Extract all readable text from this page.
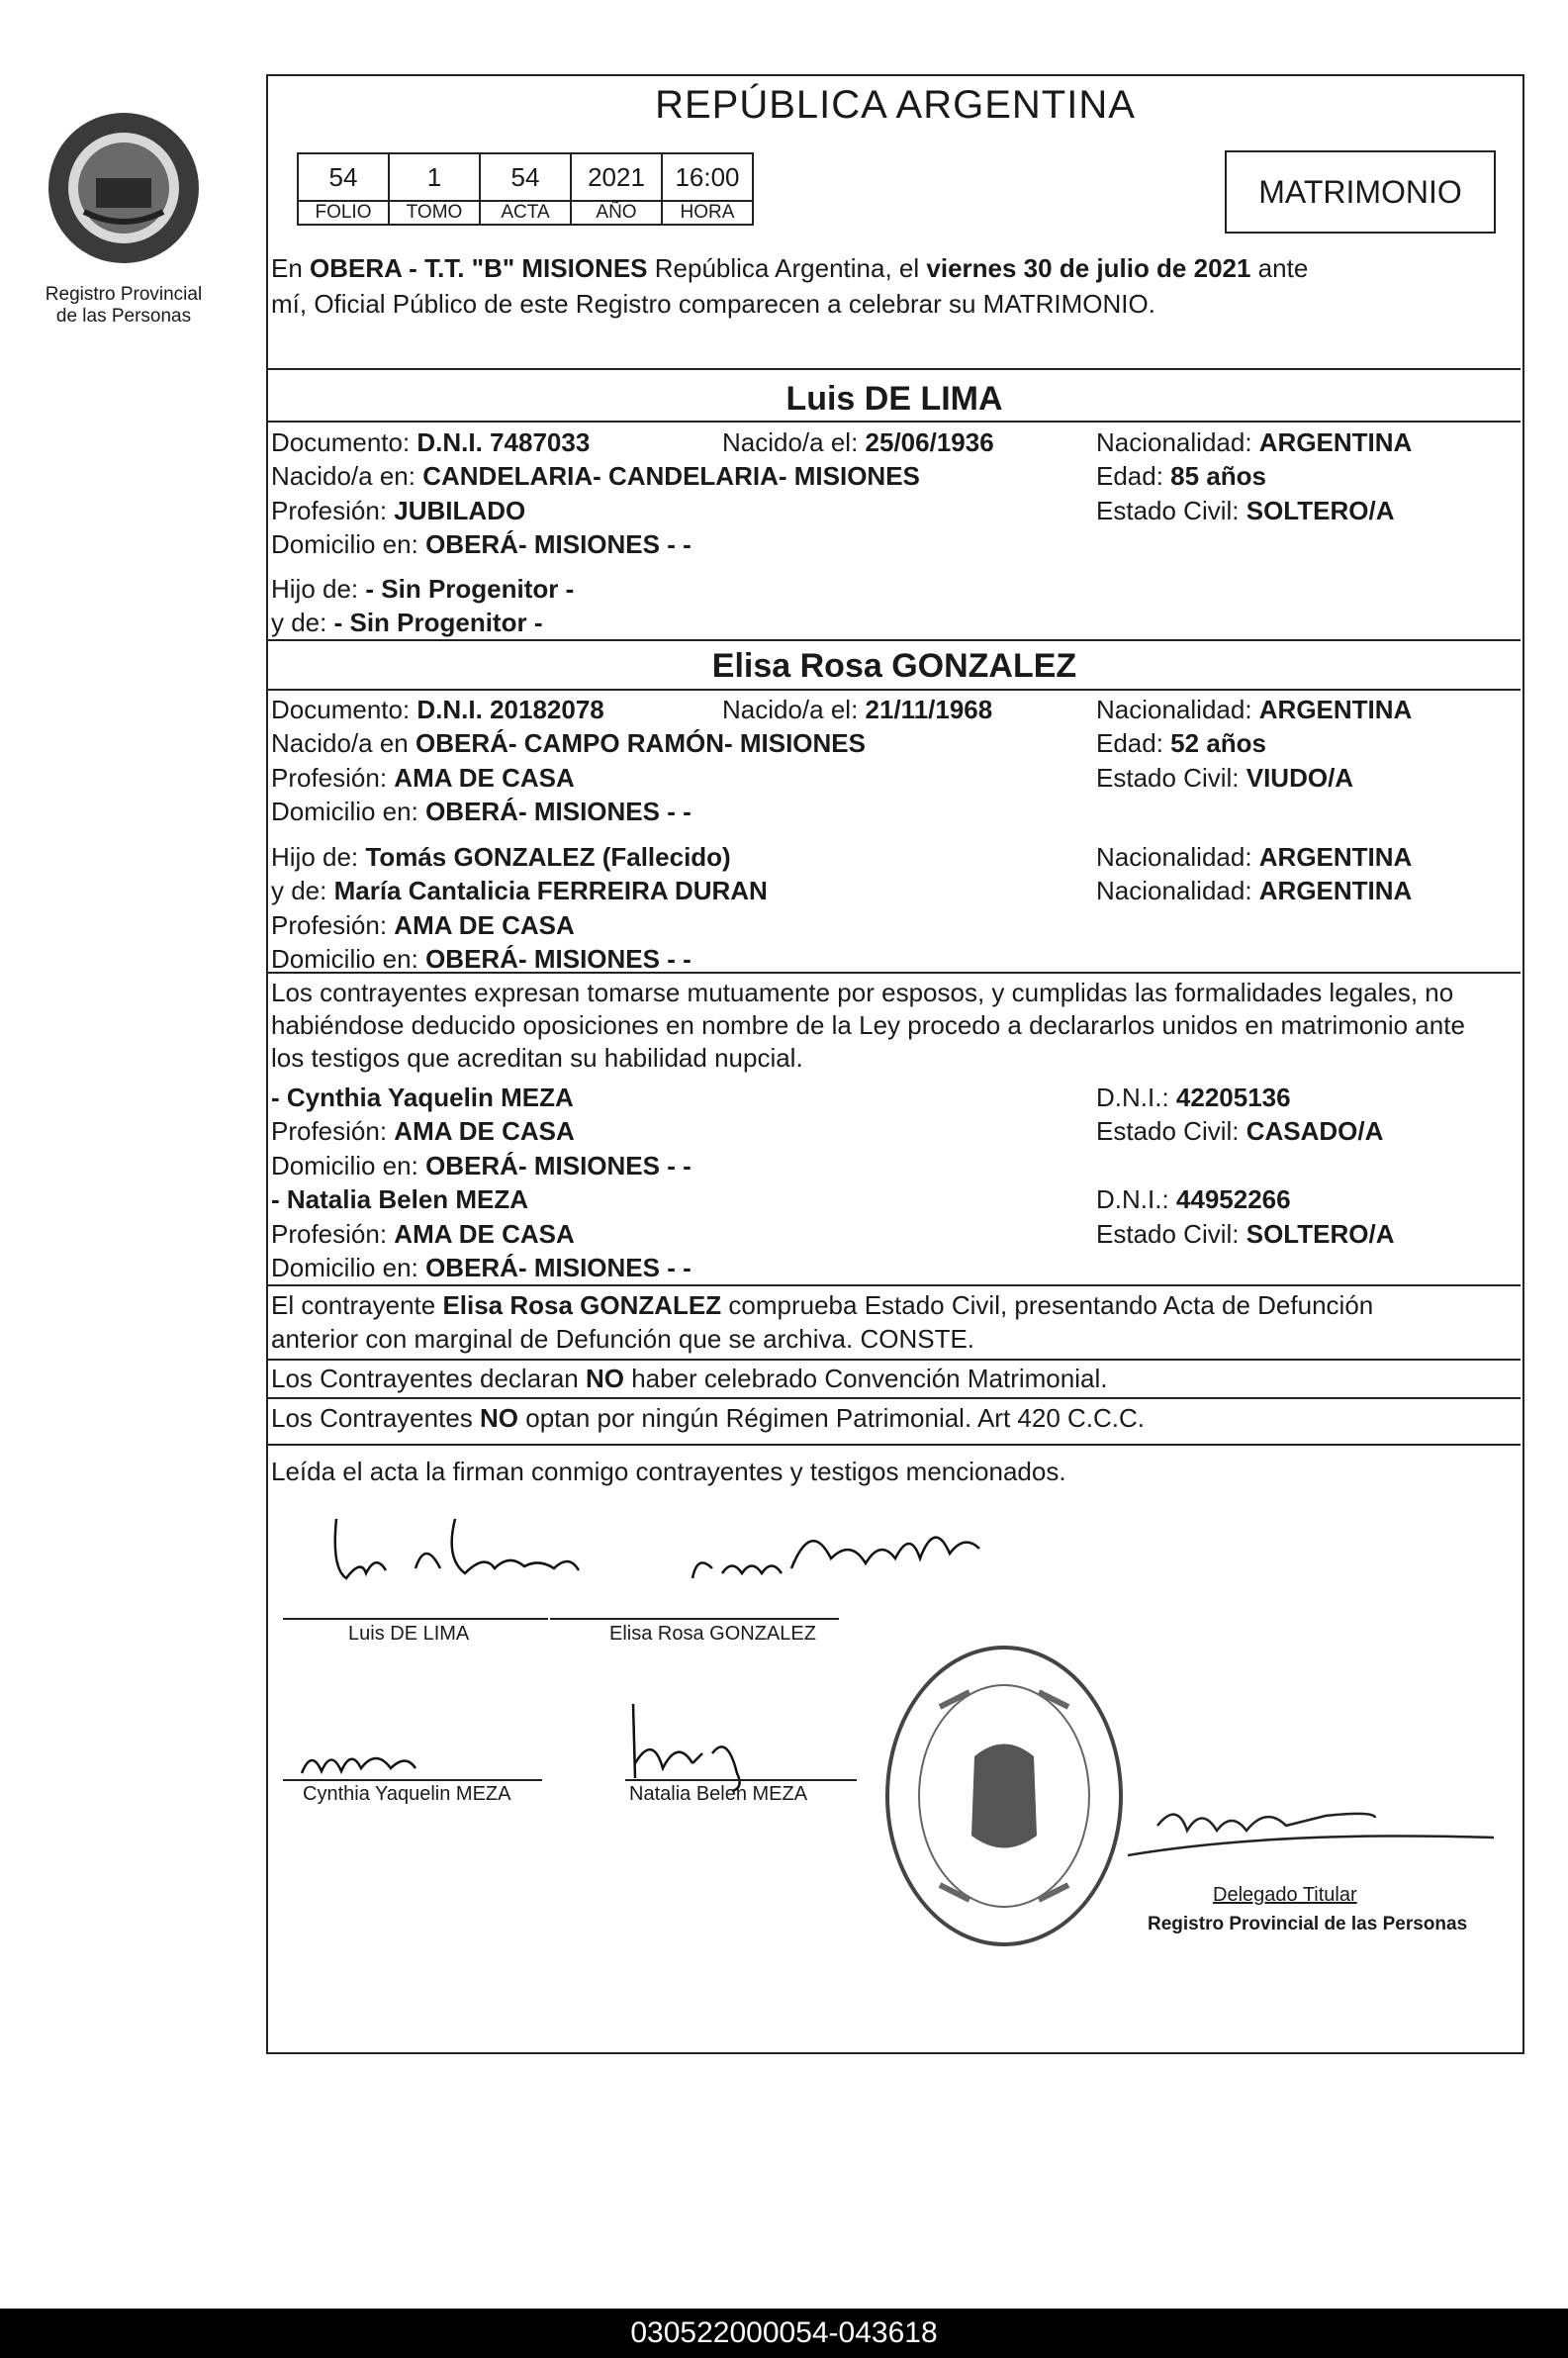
Registro Provincial
de las Personas
REPÚBLICA ARGENTINA
54	1	54	2021	16:00
FOLIO	TOMO	ACTA	AÑO	HORA
MATRIMONIO
En OBERA - T.T. "B" MISIONES República Argentina, el viernes 30 de julio de 2021 ante
mí, Oficial Público de este Registro comparecen a celebrar su MATRIMONIO.
Luis DE LIMA
Documento: D.N.I. 7487033	Nacido/a el: 25/06/1936	Nacionalidad: ARGENTINA
Nacido/a en: CANDELARIA- CANDELARIA- MISIONES	Edad: 85 años
Profesión: JUBILADO	Estado Civil: SOLTERO/A
Domicilio en: OBERÁ- MISIONES - -
Hijo de: - Sin Progenitor -
y de: - Sin Progenitor -
Elisa Rosa GONZALEZ
Documento: D.N.I. 20182078	Nacido/a el: 21/11/1968	Nacionalidad: ARGENTINA
Nacido/a en OBERÁ- CAMPO RAMÓN- MISIONES	Edad: 52 años
Profesión: AMA DE CASA	Estado Civil: VIUDO/A
Domicilio en: OBERÁ- MISIONES - -
Hijo de: Tomás GONZALEZ (Fallecido)	Nacionalidad: ARGENTINA
y de: María Cantalicia FERREIRA DURAN	Nacionalidad: ARGENTINA
Profesión: AMA DE CASA
Domicilio en: OBERÁ- MISIONES - -
Los contrayentes expresan tomarse mutuamente por esposos, y cumplidas las formalidades legales, no
habiéndose deducido oposiciones en nombre de la Ley procedo a declararlos unidos en matrimonio ante
los testigos que acreditan su habilidad nupcial.
- Cynthia Yaquelin MEZA	D.N.I.: 42205136
Profesión: AMA DE CASA	Estado Civil: CASADO/A
Domicilio en: OBERÁ- MISIONES - -
- Natalia Belen MEZA	D.N.I.: 44952266
Profesión: AMA DE CASA	Estado Civil: SOLTERO/A
Domicilio en: OBERÁ- MISIONES - -
El contrayente Elisa Rosa GONZALEZ comprueba Estado Civil, presentando Acta de Defunción
anterior con marginal de Defunción que se archiva. CONSTE.
Los Contrayentes declaran NO haber celebrado Convención Matrimonial.
Los Contrayentes NO optan por ningún Régimen Patrimonial. Art 420 C.C.C.
Leída el acta la firman conmigo contrayentes y testigos mencionados.
Luis DE LIMA	Elisa Rosa GONZALEZ
Cynthia Yaquelin MEZA	Natalia Belen MEZA
Delegado Titular
Registro Provincial de las Personas
030522000054-043618
